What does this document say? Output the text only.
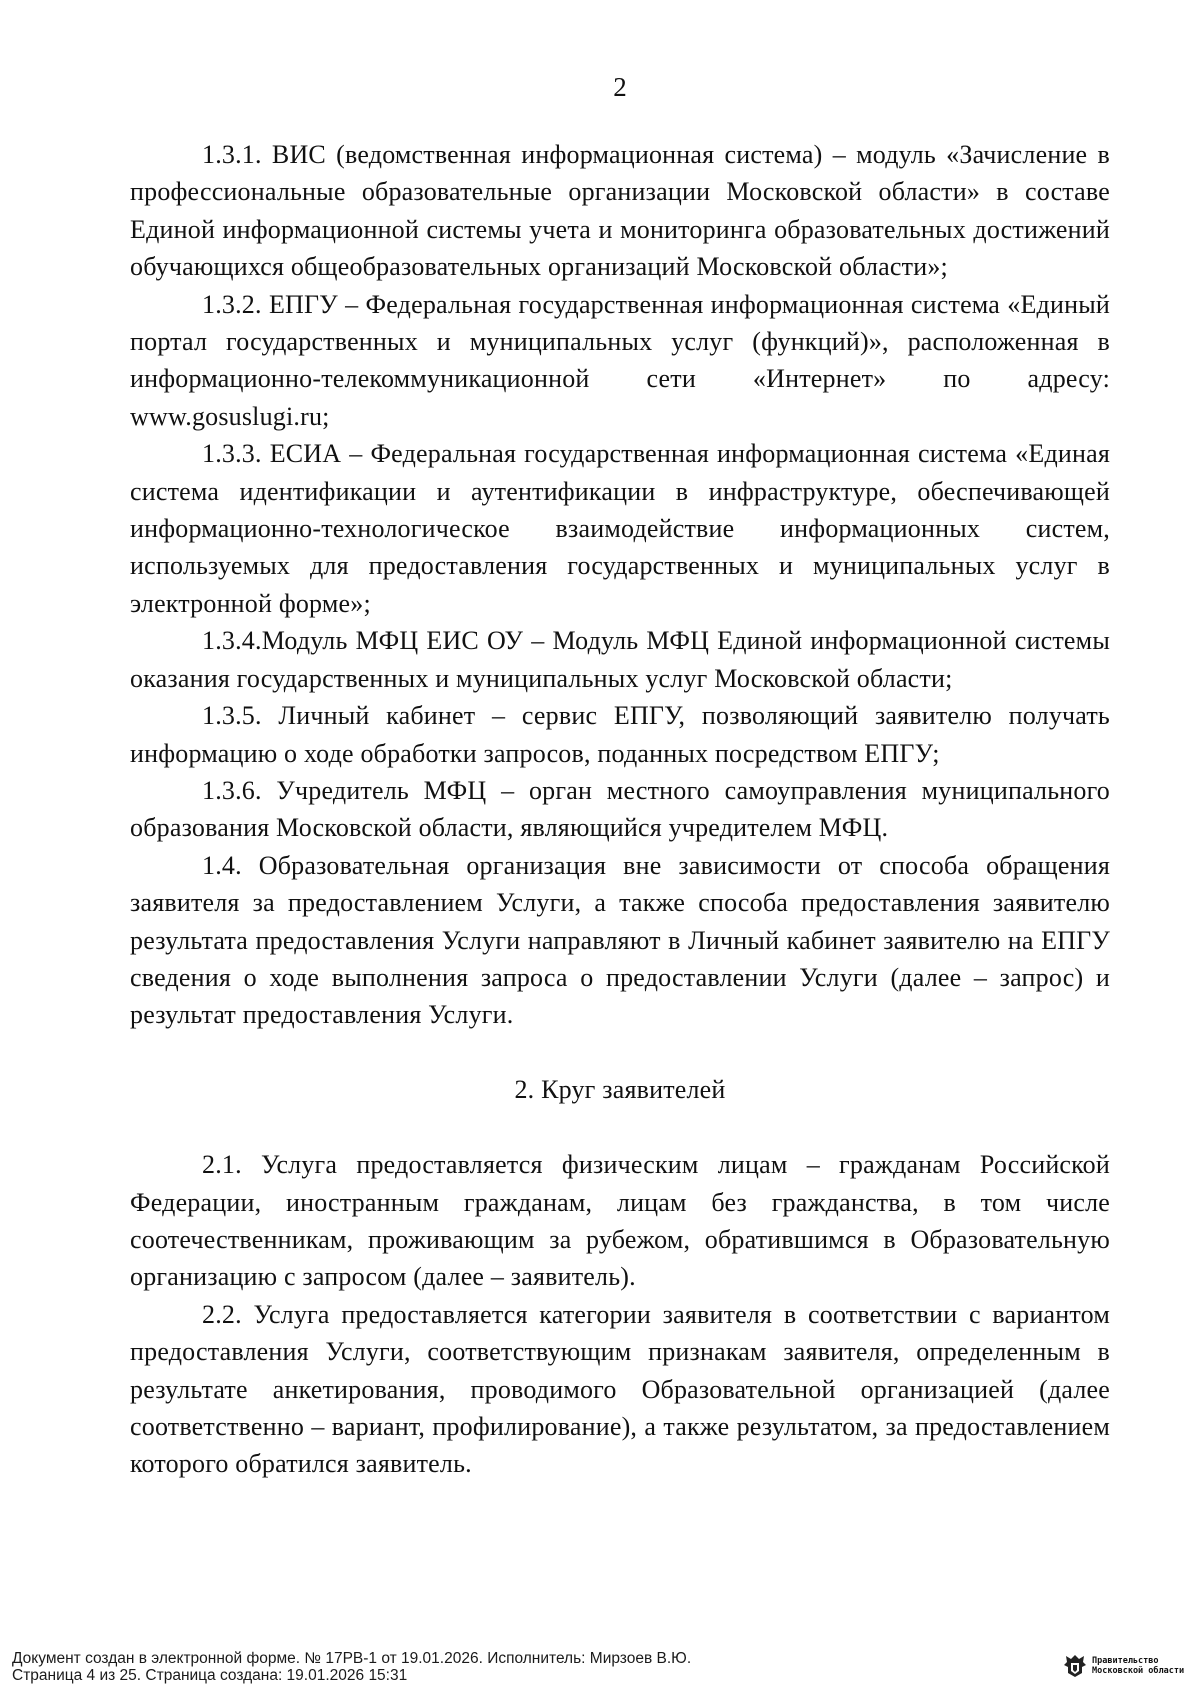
2

1.3.1. ВИС (ведомственная информационная система) – модуль «Зачисление в профессиональные образовательные организации Московской области» в составе Единой информационной системы учета и мониторинга образовательных достижений обучающихся общеобразовательных организаций Московской области»;

1.3.2. ЕПГУ – Федеральная государственная информационная система «Единый портал государственных и муниципальных услуг (функций)», расположенная в информационно-телекоммуникационной сети «Интернет» по адресу: www.gosuslugi.ru;

1.3.3. ЕСИА – Федеральная государственная информационная система «Единая система идентификации и аутентификации в инфраструктуре, обеспечивающей информационно-технологическое взаимодействие информационных систем, используемых для предоставления государственных и муниципальных услуг в электронной форме»;

1.3.4.Модуль МФЦ ЕИС ОУ – Модуль МФЦ Единой информационной системы оказания государственных и муниципальных услуг Московской области;

1.3.5. Личный кабинет – сервис ЕПГУ, позволяющий заявителю получать информацию о ходе обработки запросов, поданных посредством ЕПГУ;

1.3.6. Учредитель МФЦ – орган местного самоуправления муниципального образования Московской области, являющийся учредителем МФЦ.

1.4. Образовательная организация вне зависимости от способа обращения заявителя за предоставлением Услуги, а также способа предоставления заявителю результата предоставления Услуги направляют в Личный кабинет заявителю на ЕПГУ сведения о ходе выполнения запроса о предоставлении Услуги (далее – запрос) и результат предоставления Услуги.

2. Круг заявителей

2.1. Услуга предоставляется физическим лицам – гражданам Российской Федерации, иностранным гражданам, лицам без гражданства, в том числе соотечественникам, проживающим за рубежом, обратившимся в Образовательную организацию с запросом (далее – заявитель).

2.2. Услуга предоставляется категории заявителя в соответствии с вариантом предоставления Услуги, соответствующим признакам заявителя, определенным в результате анкетирования, проводимого Образовательной организацией (далее соответственно – вариант, профилирование), а также результатом, за предоставлением которого обратился заявитель.

Документ создан в электронной форме. № 17РВ-1 от 19.01.2026. Исполнитель: Мирзоев В.Ю.
Страница 4 из 25. Страница создана: 19.01.2026 15:31
Правительство
Московской области
